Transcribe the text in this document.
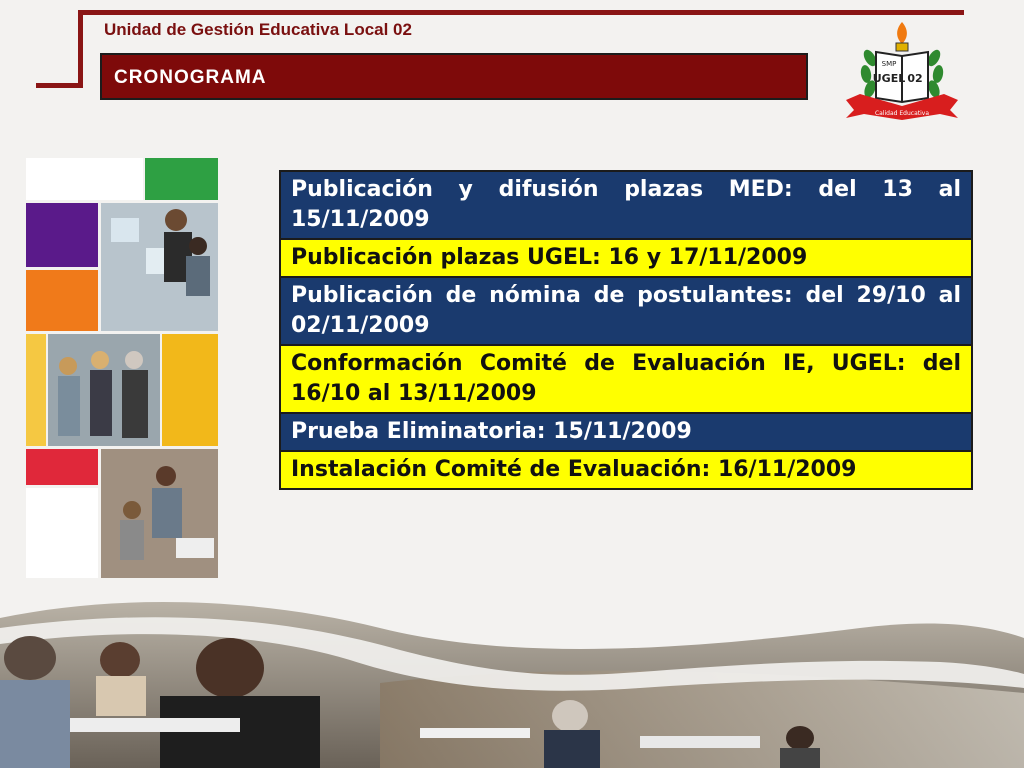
Unidad de Gestión Educativa Local 02
CRONOGRAMA
SMP
UGEL 02
Calidad Educativa
Publicación y difusión plazas MED: del 13 al 15/11/2009
Publicación plazas UGEL: 16 y 17/11/2009
Publicación de nómina de postulantes: del 29/10 al 02/11/2009
Conformación Comité de Evaluación IE, UGEL: del 16/10 al 13/11/2009
Prueba Eliminatoria: 15/11/2009
Instalación Comité de Evaluación: 16/11/2009
